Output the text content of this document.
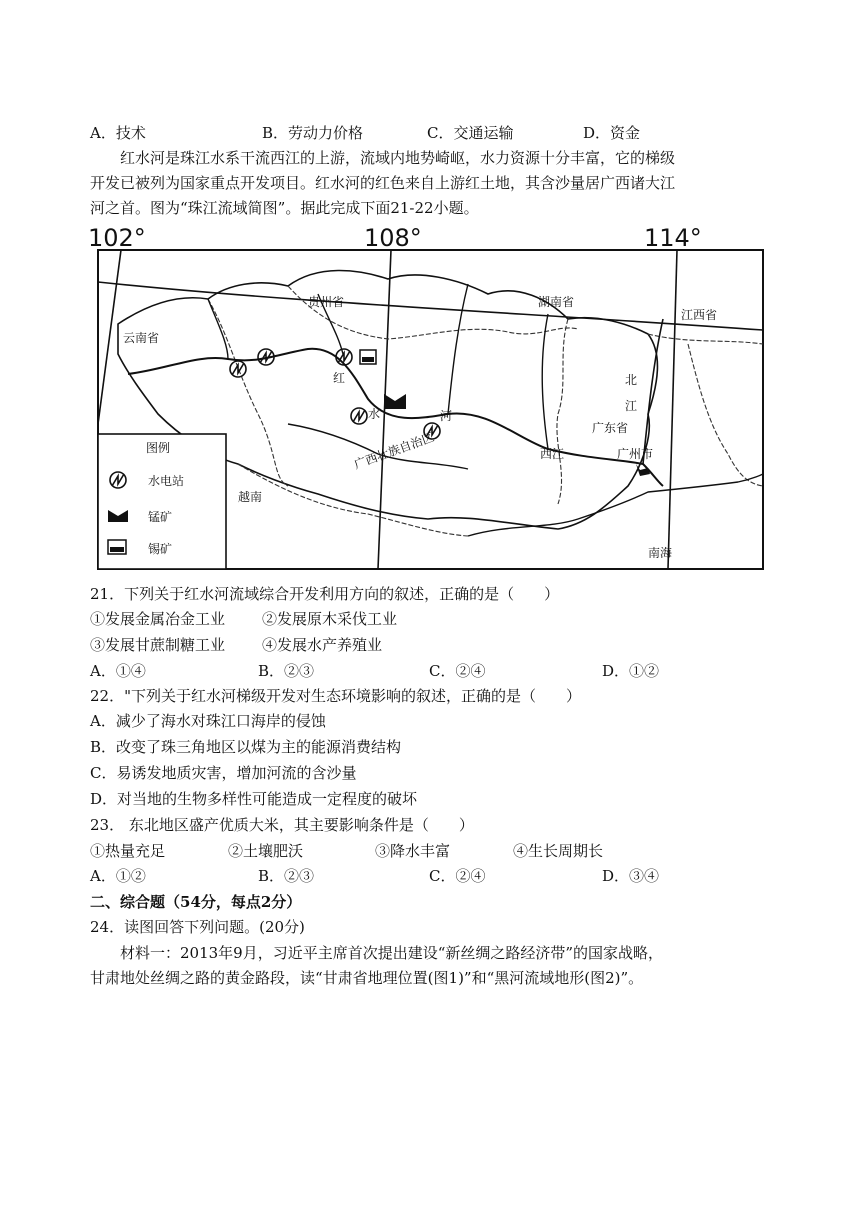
A．技术	B．劳动力价格	C．交通运输	D．资金
红水河是珠江水系干流西江的上游，流域内地势崎岖，水力资源十分丰富，它的梯级
开发已被列为国家重点开发项目。红水河的红色来自上游红土地，其含沙量居广西诸大江
河之首。图为“珠江流域简图”。据此完成下面21-22小题。
102°	108°	114°
贵州省	湖南省
江西省
云南省
广西壮族自治区
越南
南海
广东省
红
水	河
北
江
西江	广州市
图例
水电站
锰矿
锡矿
21．下列关于红水河流域综合开发利用方向的叙述，正确的是（　　）
①发展金属冶金工业 ②发展原木采伐工业
③发展甘蔗制糖工业 ④发展水产养殖业
A．①④	B．②③	C．②④	D．①②
22．"下列关于红水河梯级开发对生态环境影响的叙述，正确的是（　　）
A．减少了海水对珠江口海岸的侵蚀
B．改变了珠三角地区以煤为主的能源消费结构
C．易诱发地质灾害，增加河流的含沙量
D．对当地的生物多样性可能造成一定程度的破坏
23． 东北地区盛产优质大米，其主要影响条件是（　　）
①热量充足	②土壤肥沃	③降水丰富	④生长周期长
A．①②	B．②③	C．②④	D．③④
二、综合题（54分，每点2分）
24．读图回答下列问题。(20分)
材料一：2013年9月，习近平主席首次提出建设“新丝绸之路经济带”的国家战略，
甘肃地处丝绸之路的黄金路段，读“甘肃省地理位置(图1)”和“黑河流域地形(图2)”。
